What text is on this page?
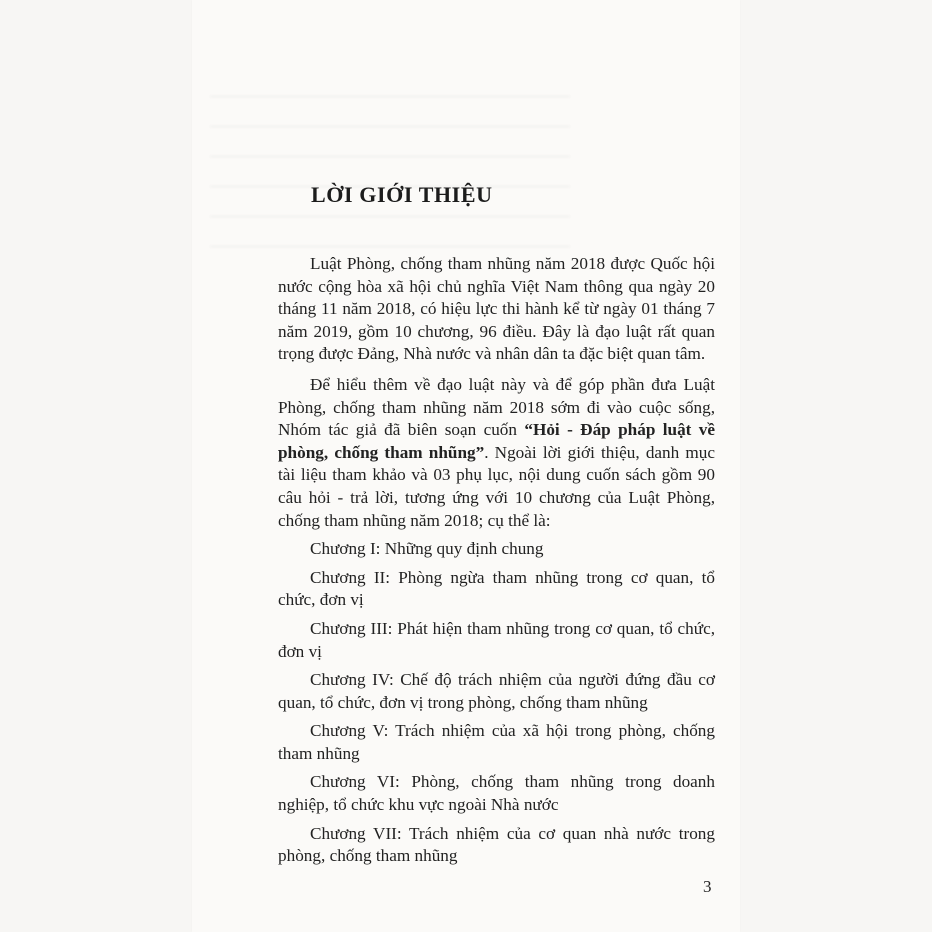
LỜI GIỚI THIỆU

Luật Phòng, chống tham nhũng năm 2018 được Quốc hội nước cộng hòa xã hội chủ nghĩa Việt Nam thông qua ngày 20 tháng 11 năm 2018, có hiệu lực thi hành kể từ ngày 01 tháng 7 năm 2019, gồm 10 chương, 96 điều. Đây là đạo luật rất quan trọng được Đảng, Nhà nước và nhân dân ta đặc biệt quan tâm.

Để hiểu thêm về đạo luật này và để góp phần đưa Luật Phòng, chống tham nhũng năm 2018 sớm đi vào cuộc sống, Nhóm tác giả đã biên soạn cuốn “Hỏi - Đáp pháp luật về phòng, chống tham nhũng”. Ngoài lời giới thiệu, danh mục tài liệu tham khảo và 03 phụ lục, nội dung cuốn sách gồm 90 câu hỏi - trả lời, tương ứng với 10 chương của Luật Phòng, chống tham nhũng năm 2018; cụ thể là:

Chương I: Những quy định chung

Chương II: Phòng ngừa tham nhũng trong cơ quan, tổ chức, đơn vị

Chương III: Phát hiện tham nhũng trong cơ quan, tổ chức, đơn vị

Chương IV: Chế độ trách nhiệm của người đứng đầu cơ quan, tổ chức, đơn vị trong phòng, chống tham nhũng

Chương V: Trách nhiệm của xã hội trong phòng, chống tham nhũng

Chương VI: Phòng, chống tham nhũng trong doanh nghiệp, tổ chức khu vực ngoài Nhà nước

Chương VII: Trách nhiệm của cơ quan nhà nước trong phòng, chống tham nhũng

3
